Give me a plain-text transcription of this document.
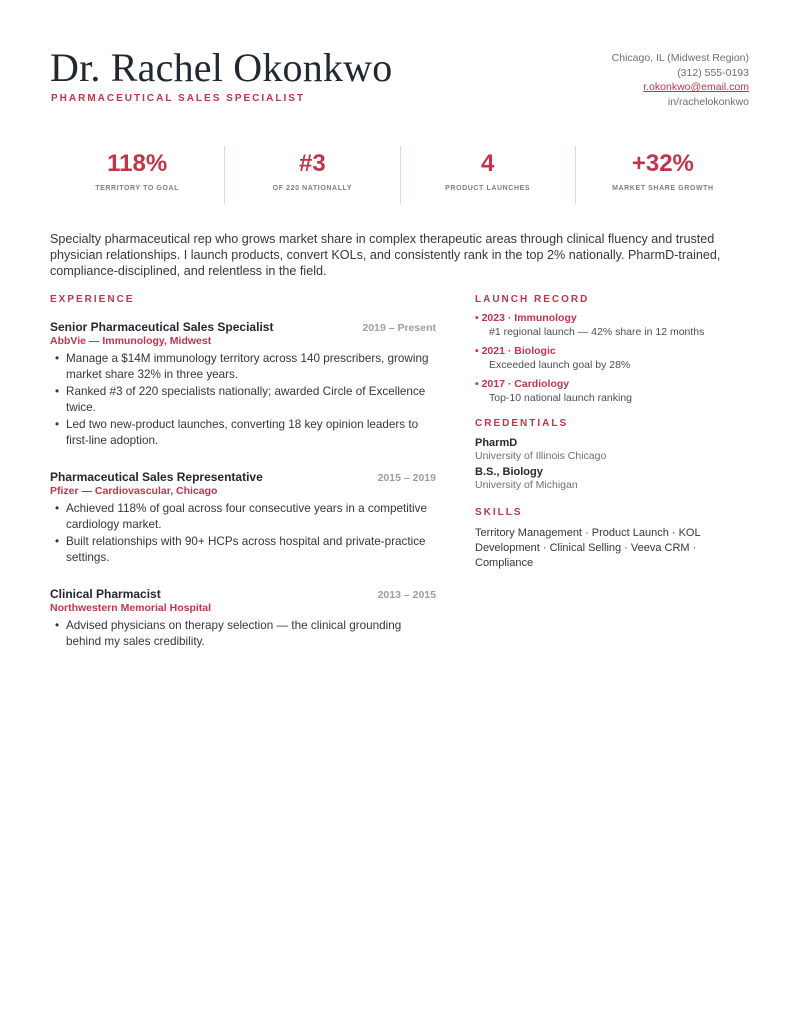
Dr. Rachel Okonkwo
PHARMACEUTICAL SALES SPECIALIST
Chicago, IL (Midwest Region)
(312) 555-0193
r.okonkwo@email.com
in/rachelokonkwo
118%
TERRITORY TO GOAL
#3
OF 220 NATIONALLY
4
PRODUCT LAUNCHES
+32%
MARKET SHARE GROWTH

Specialty pharmaceutical rep who grows market share in complex therapeutic areas through clinical fluency and trusted physician relationships. I launch products, convert KOLs, and consistently rank in the top 2% nationally. PharmD-trained, compliance-disciplined, and relentless in the field.

EXPERIENCE
Senior Pharmaceutical Sales Specialist	2019 – Present
AbbVie — Immunology, Midwest
• Manage a $14M immunology territory across 140 prescribers, growing market share 32% in three years.
• Ranked #3 of 220 specialists nationally; awarded Circle of Excellence twice.
• Led two new-product launches, converting 18 key opinion leaders to first-line adoption.
Pharmaceutical Sales Representative	2015 – 2019
Pfizer — Cardiovascular, Chicago
• Achieved 118% of goal across four consecutive years in a competitive cardiology market.
• Built relationships with 90+ HCPs across hospital and private-practice settings.
Clinical Pharmacist	2013 – 2015
Northwestern Memorial Hospital
• Advised physicians on therapy selection — the clinical grounding behind my sales credibility.
LAUNCH RECORD
• 2023 · Immunology
#1 regional launch — 42% share in 12 months
• 2021 · Biologic
Exceeded launch goal by 28%
• 2017 · Cardiology
Top-10 national launch ranking
CREDENTIALS
PharmD
University of Illinois Chicago
B.S., Biology
University of Michigan
SKILLS
Territory Management · Product Launch · KOL Development · Clinical Selling · Veeva CRM · Compliance
